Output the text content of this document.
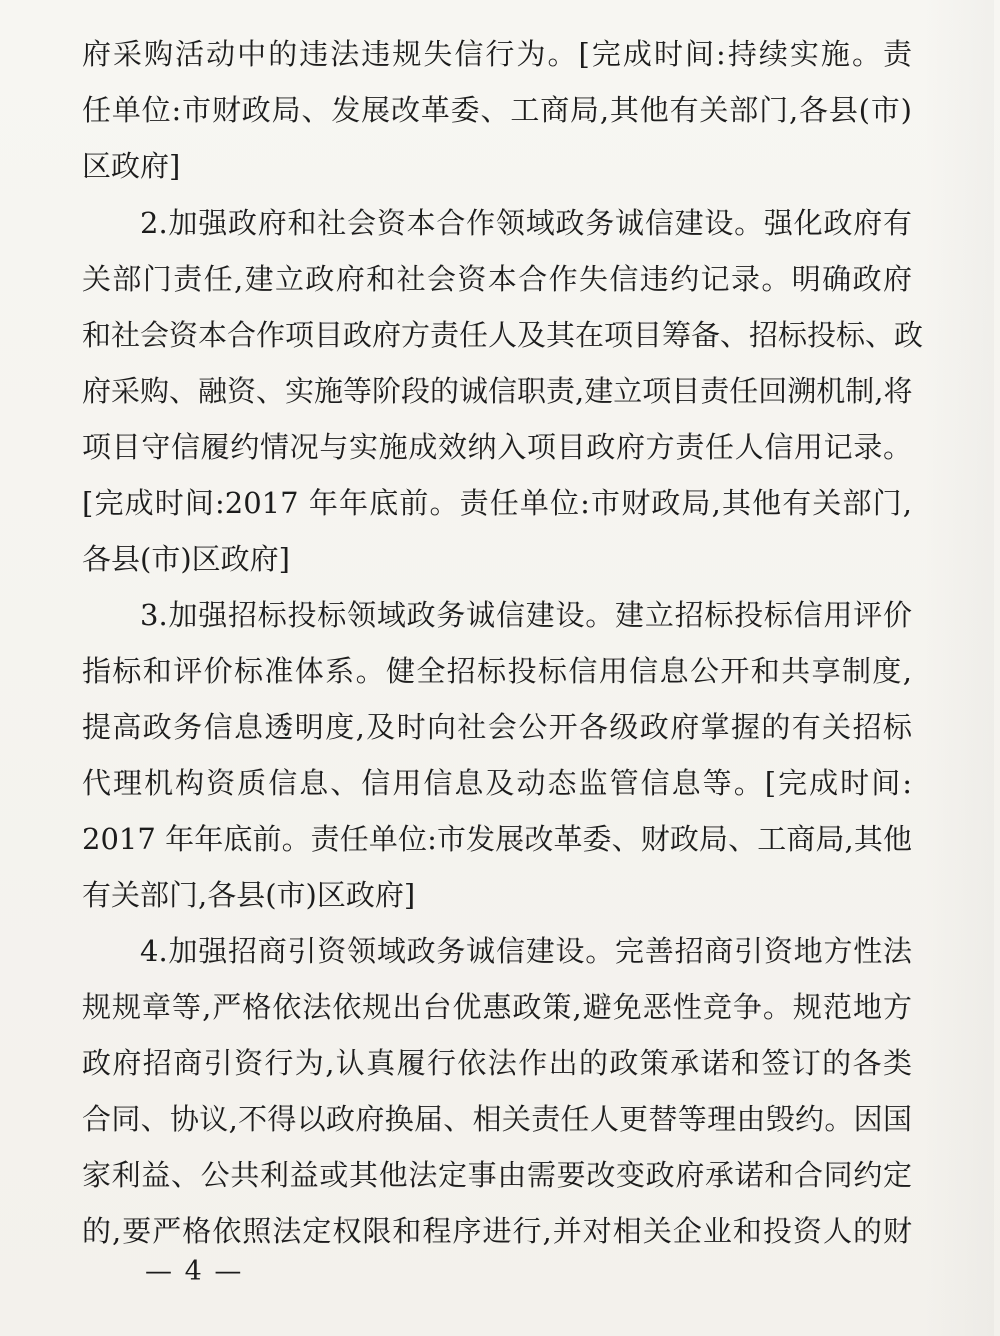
府采购活动中的违法违规失信行为。[完成时间:持续实施。责
任单位:市财政局、发展改革委、工商局,其他有关部门,各县(市)
区政府]
2.加强政府和社会资本合作领域政务诚信建设。强化政府有
关部门责任,建立政府和社会资本合作失信违约记录。明确政府
和社会资本合作项目政府方责任人及其在项目筹备、招标投标、政
府采购、融资、实施等阶段的诚信职责,建立项目责任回溯机制,将
项目守信履约情况与实施成效纳入项目政府方责任人信用记录。
[完成时间:2017 年年底前。责任单位:市财政局,其他有关部门,
各县(市)区政府]
3.加强招标投标领域政务诚信建设。建立招标投标信用评价
指标和评价标准体系。健全招标投标信用信息公开和共享制度,
提高政务信息透明度,及时向社会公开各级政府掌握的有关招标
代理机构资质信息、信用信息及动态监管信息等。[完成时间:
2017 年年底前。责任单位:市发展改革委、财政局、工商局,其他
有关部门,各县(市)区政府]
4.加强招商引资领域政务诚信建设。完善招商引资地方性法
规规章等,严格依法依规出台优惠政策,避免恶性竞争。规范地方
政府招商引资行为,认真履行依法作出的政策承诺和签订的各类
合同、协议,不得以政府换届、相关责任人更替等理由毁约。因国
家利益、公共利益或其他法定事由需要改变政府承诺和合同约定
的,要严格依照法定权限和程序进行,并对相关企业和投资人的财
— 4 —
